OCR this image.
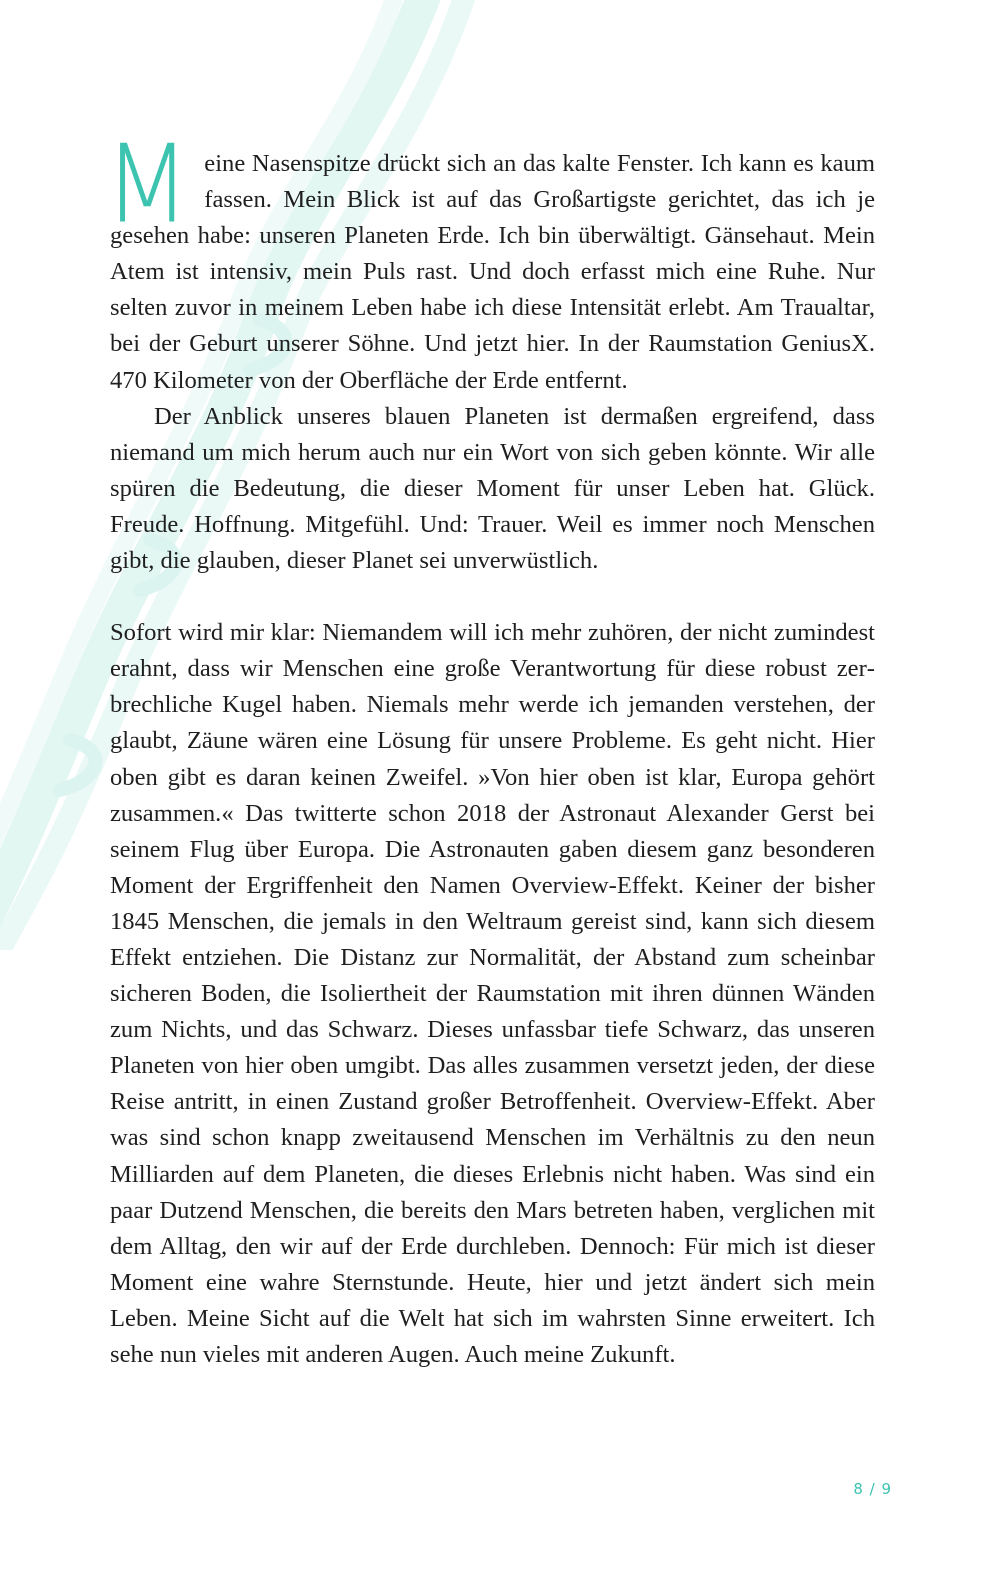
Meine Nasenspitze drückt sich an das kalte Fenster. Ich kann es kaum fassen. Mein Blick ist auf das Großartigste gerichtet, das ich je gesehen habe: unseren Planeten Erde. Ich bin überwältigt. Gänsehaut. Mein Atem ist intensiv, mein Puls rast. Und doch erfasst mich eine Ruhe. Nur selten zuvor in meinem Leben habe ich diese Intensität erlebt. Am Traualtar, bei der Geburt unserer Söhne. Und jetzt hier. In der Raumstation GeniusX. 470 Kilometer von der Oberfläche der Erde entfernt.

Der Anblick unseres blauen Planeten ist dermaßen ergreifend, dass niemand um mich herum auch nur ein Wort von sich geben könnte. Wir alle spüren die Bedeutung, die dieser Moment für unser Leben hat. Glück. Freude. Hoffnung. Mitgefühl. Und: Trauer. Weil es immer noch Menschen gibt, die glauben, dieser Planet sei unverwüstlich.

Sofort wird mir klar: Niemandem will ich mehr zuhören, der nicht zumindest erahnt, dass wir Menschen eine große Verantwortung für diese robust zerbrechliche Kugel haben. Niemals mehr werde ich jemanden verstehen, der glaubt, Zäune wären eine Lösung für unsere Probleme. Es geht nicht. Hier oben gibt es daran keinen Zweifel. »Von hier oben ist klar, Europa gehört zusammen.« Das twitterte schon 2018 der Astronaut Alexander Gerst bei seinem Flug über Europa. Die Astronauten gaben diesem ganz besonderen Moment der Ergriffenheit den Namen Overview-Effekt. Keiner der bisher 1845 Menschen, die jemals in den Weltraum gereist sind, kann sich diesem Effekt entziehen. Die Distanz zur Normalität, der Abstand zum scheinbar sicheren Boden, die Isoliertheit der Raumstation mit ihren dünnen Wänden zum Nichts, und das Schwarz. Dieses unfassbar tiefe Schwarz, das unseren Planeten von hier oben umgibt. Das alles zusammen versetzt jeden, der diese Reise antritt, in einen Zustand großer Betroffenheit. Overview-Effekt. Aber was sind schon knapp zweitausend Menschen im Verhältnis zu den neun Milliarden auf dem Planeten, die dieses Erlebnis nicht haben. Was sind ein paar Dutzend Menschen, die bereits den Mars betreten haben, verglichen mit dem Alltag, den wir auf der Erde durchleben. Dennoch: Für mich ist dieser Moment eine wahre Sternstunde. Heute, hier und jetzt ändert sich mein Leben. Meine Sicht auf die Welt hat sich im wahrsten Sinne erweitert. Ich sehe nun vieles mit anderen Augen. Auch meine Zukunft.

8 / 9
